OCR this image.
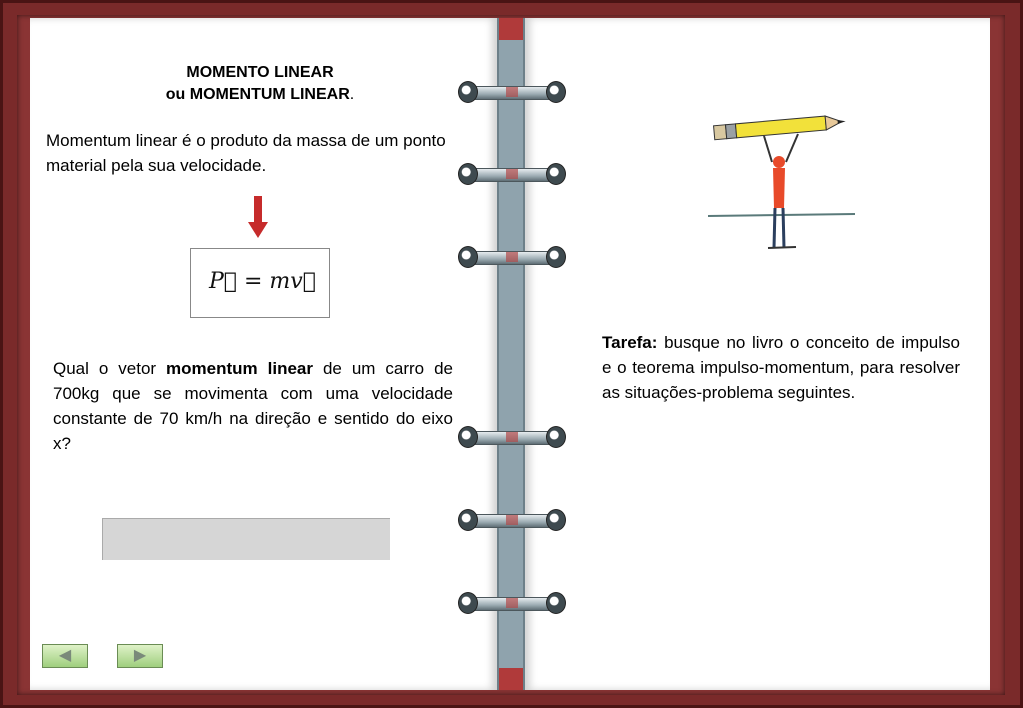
MOMENTO LINEAR
ou MOMENTUM LINEAR.
Momentum linear é o produto da massa de um ponto material pela sua velocidade.
P⃗ = mv⃗
Qual o vetor momentum linear de um carro de 700kg que se movimenta com uma velocidade constante de 70 km/h na direção e sentido do eixo x?
◀	▶
Tarefa: busque no livro o conceito de impulso e o teorema impulso-momentum, para resolver as situações-problema seguintes.
